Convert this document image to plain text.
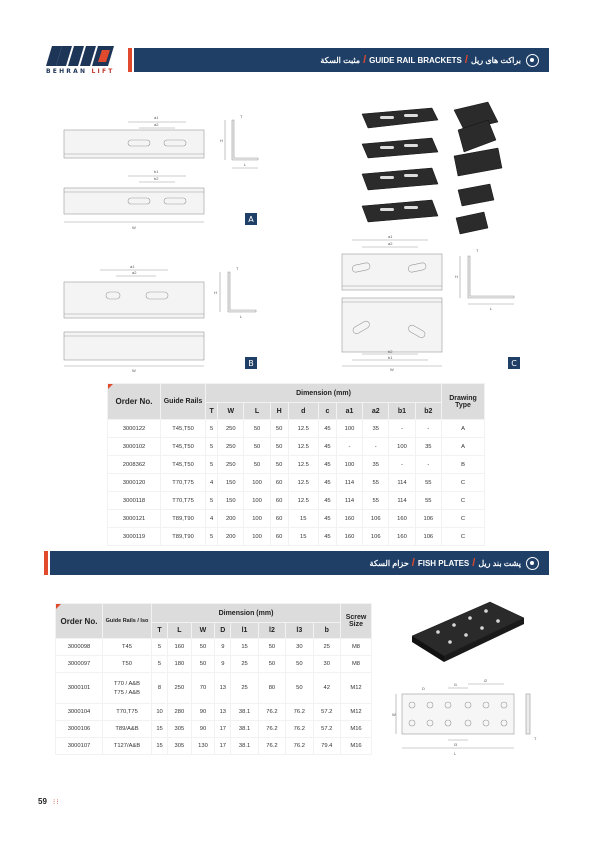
BEHRAN LIFT
مثبت السكة / GUIDE RAIL BRACKETS / براکت های ریل
a1
a2
b1
b2
W
H
L
T
A
a1
a2
W
H
L
T
B
a1
a2
b2
b1
W
H
L
T
C
Order No.	Guide Rails	Dimension (mm)										Drawing Type
		T	W	L	H	d	c	a1	a2	b1	b2	
3000122	T45,T50	5	250	50	50	12.5	45	100	35	-	-	A
3000102	T45,T50	5	250	50	50	12.5	45	-	-	100	35	A
2008362	T45,T50	5	250	50	50	12.5	45	100	35	-	-	B
3000120	T70,T75	4	150	100	60	12.5	45	114	55	114	55	C
3000118	T70,T75	5	150	100	60	12.5	45	114	55	114	55	C
3000121	T89,T90	4	200	100	60	15	45	160	106	160	106	C
3000119	T89,T90	5	200	100	60	15	45	160	106	160	106	C
حزام السكة / FISH PLATES / پشت بند ریل
Order No.	Guide Rails / Iso	Dimension (mm)								Screw Size
		T	L	W	D	l1	l2	l3	b	
3000098	T45	5	160	50	9	15	50	30	25	M8
3000097	T50	5	180	50	9	25	50	50	30	M8
3000101	T70 / A&B
T75 / A&B	8	250	70	13	25	80	50	42	M12
3000104	T70,T75	10	280	90	13	38.1	76.2	76.2	57.2	M12
3000106	T89/A&B	15	305	90	17	38.1	76.2	76.2	57.2	M16
3000107	T127/A&B	15	305	130	17	38.1	76.2	76.2	79.4	M16
D
l1
l2
l3
L
W
T
59 ⁝⁝
